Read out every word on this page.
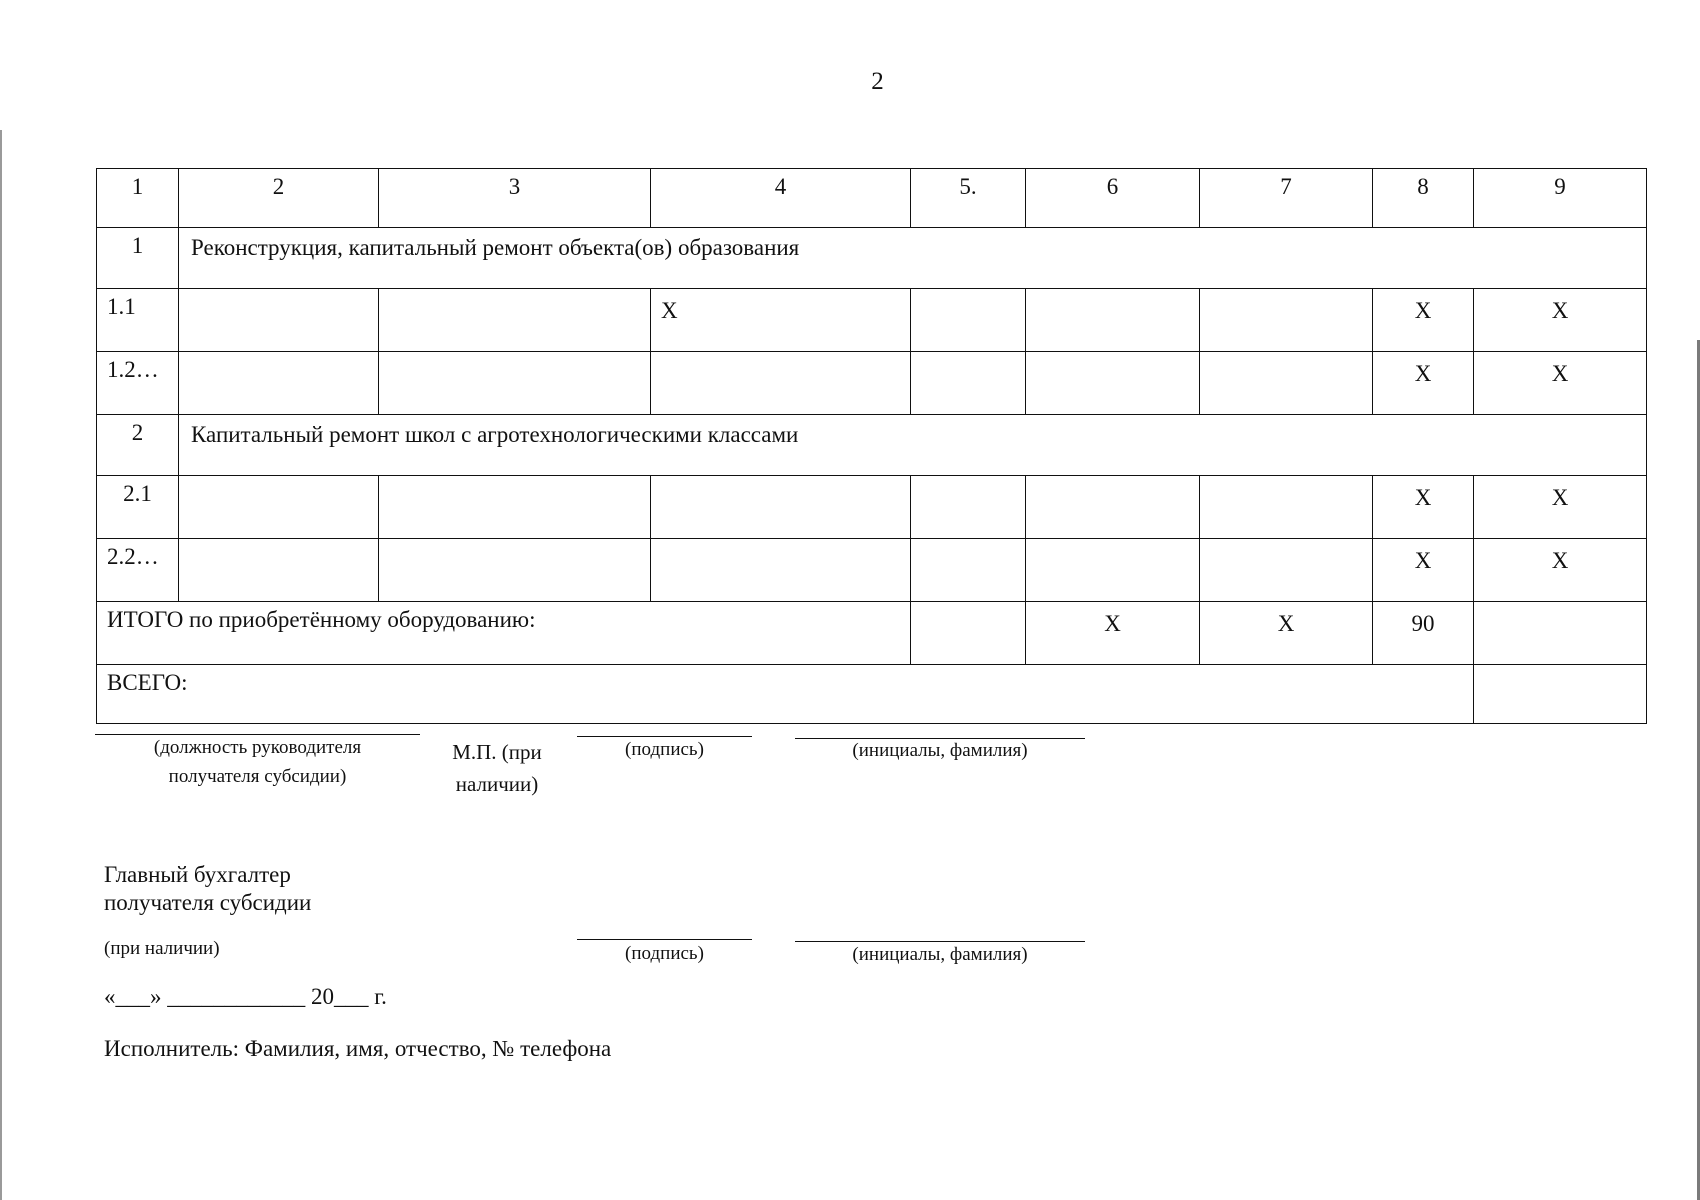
2
1	2	3	4	5.	6	7	8	9
1	Реконструкция, капитальный ремонт объекта(ов) образования							
1.1			X				X	X
1.2…							X	X
2	Капитальный ремонт школ с агротехнологическими классами							
2.1							X	X
2.2…							X	X
ИТОГО по приобретённому оборудованию:					X	X	90	
ВСЕГО:								
(должность руководителя получателя субсидии)
М.П. (при наличии)
(подпись)	(инициалы, фамилия)
Главный бухгалтер
получателя субсидии
(при наличии)	(подпись)	(инициалы, фамилия)
«___» ____________ 20___ г.
Исполнитель: Фамилия, имя, отчество, № телефона
